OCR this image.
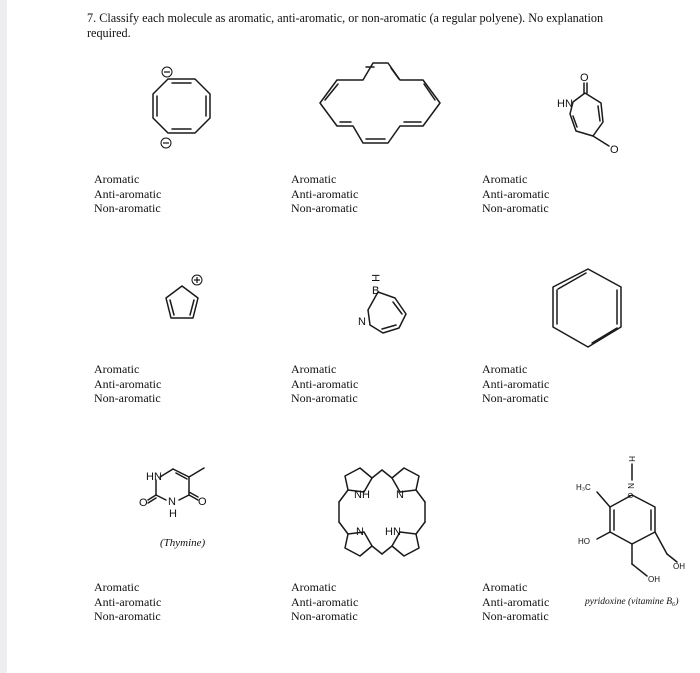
7. Classify each molecule as aromatic, anti-aromatic, or non-aromatic (a regular polyene). No explanation required.

O
HN
O
H
B
N
HN
N
H
O	O
(Thymine)
NH N
N HN
H
N
⊖
H₃C
HO
OH
OH
pyridoxine (vitamine B₆)
Aromatic
Anti-aromatic
Non-aromatic
Aromatic
Anti-aromatic
Non-aromatic
Aromatic
Anti-aromatic
Non-aromatic
Aromatic
Anti-aromatic
Non-aromatic
Aromatic
Anti-aromatic
Non-aromatic
Aromatic
Anti-aromatic
Non-aromatic
Aromatic
Anti-aromatic
Non-aromatic
Aromatic
Anti-aromatic
Non-aromatic
Aromatic
Anti-aromatic
Non-aromatic
